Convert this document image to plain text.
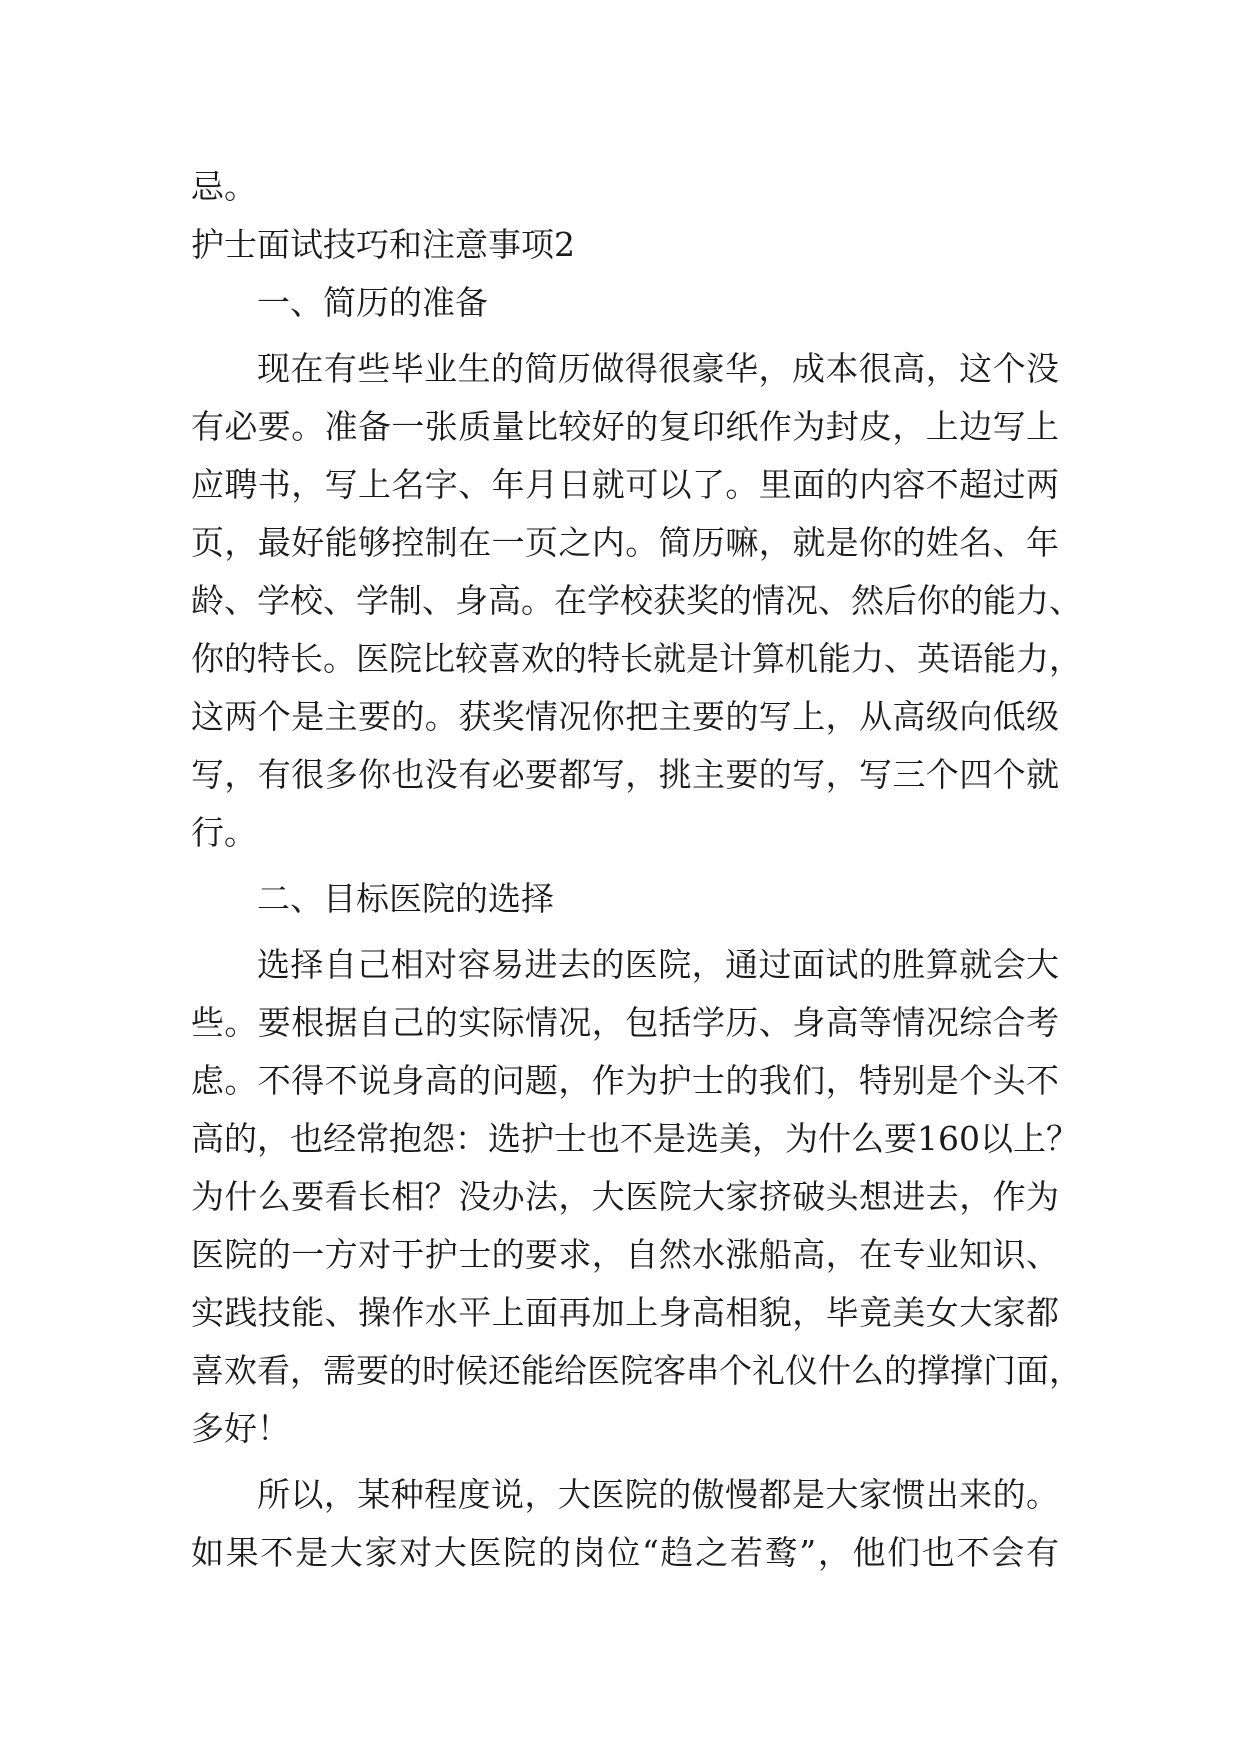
忌。
护士面试技巧和注意事项2
一、简历的准备
现在有些毕业生的简历做得很豪华，成本很高，这个没
有必要。准备一张质量比较好的复印纸作为封皮，上边写上
应聘书，写上名字、年月日就可以了。里面的内容不超过两
页，最好能够控制在一页之内。简历嘛，就是你的姓名、年
龄、学校、学制、身高。在学校获奖的情况、然后你的能力、
你的特长。医院比较喜欢的特长就是计算机能力、英语能力，
这两个是主要的。获奖情况你把主要的写上，从高级向低级
写，有很多你也没有必要都写，挑主要的写，写三个四个就
行。
二、目标医院的选择
选择自己相对容易进去的医院，通过面试的胜算就会大
些。要根据自己的实际情况，包括学历、身高等情况综合考
虑。不得不说身高的问题，作为护士的我们，特别是个头不
高的，也经常抱怨：选护士也不是选美，为什么要160以上？
为什么要看长相？没办法，大医院大家挤破头想进去，作为
医院的一方对于护士的要求，自然水涨船高，在专业知识、
实践技能、操作水平上面再加上身高相貌，毕竟美女大家都
喜欢看，需要的时候还能给医院客串个礼仪什么的撑撑门面，
多好！
所以，某种程度说，大医院的傲慢都是大家惯出来的。
如果不是大家对大医院的岗位“趋之若鹜”，他们也不会有
